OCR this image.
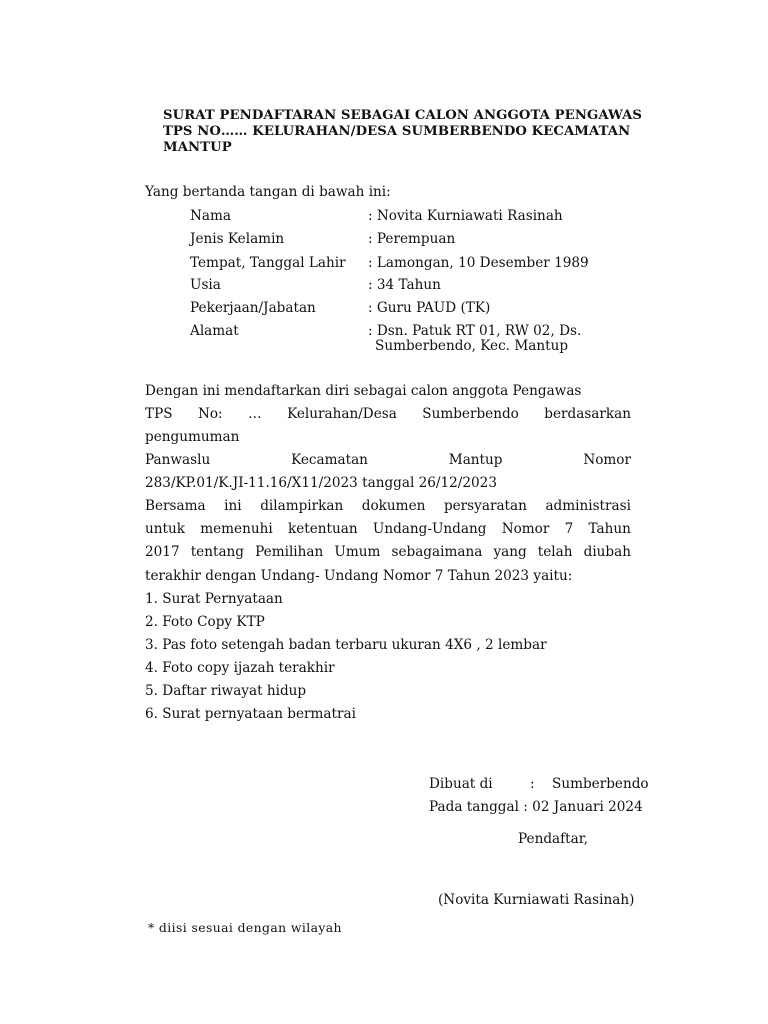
SURAT PENDAFTARAN SEBAGAI CALON ANGGOTA PENGAWAS
TPS NO…… KELURAHAN/DESA SUMBERBENDO KECAMATAN
MANTUP
Yang bertanda tangan di bawah ini:
Nama	: Novita Kurniawati Rasinah
Jenis Kelamin	: Perempuan
Tempat, Tanggal Lahir : Lamongan, 10 Desember 1989
Usia	: 34 Tahun
Pekerjaan/Jabatan	: Guru PAUD (TK)
Alamat	: Dsn. Patuk RT 01, RW 02, Ds.
Sumberbendo, Kec. Mantup
Dengan ini mendaftarkan diri sebagai calon anggota Pengawas
TPS No: … Kelurahan/Desa Sumberbendo berdasarkan
pengumuman
Panwaslu	Kecamatan	Mantup	Nomor
283/KP.01/K.JI-11.16/X11/2023 tanggal 26/12/2023
Bersama ini dilampirkan dokumen persyaratan administrasi
untuk memenuhi ketentuan Undang-Undang Nomor 7 Tahun
2017 tentang Pemilihan Umum sebagaimana yang telah diubah
terakhir dengan Undang- Undang Nomor 7 Tahun 2023 yaitu:
1. Surat Pernyataan
2. Foto Copy KTP
3. Pas foto setengah badan terbaru ukuran 4X6 , 2 lembar
4. Foto copy ijazah terakhir
5. Daftar riwayat hidup
6. Surat pernyataan bermatrai
Dibuat di	: Sumberbendo
Pada tanggal : 02 Januari 2024
Pendaftar,
(Novita Kurniawati Rasinah)
* diisi sesuai dengan wilayah
